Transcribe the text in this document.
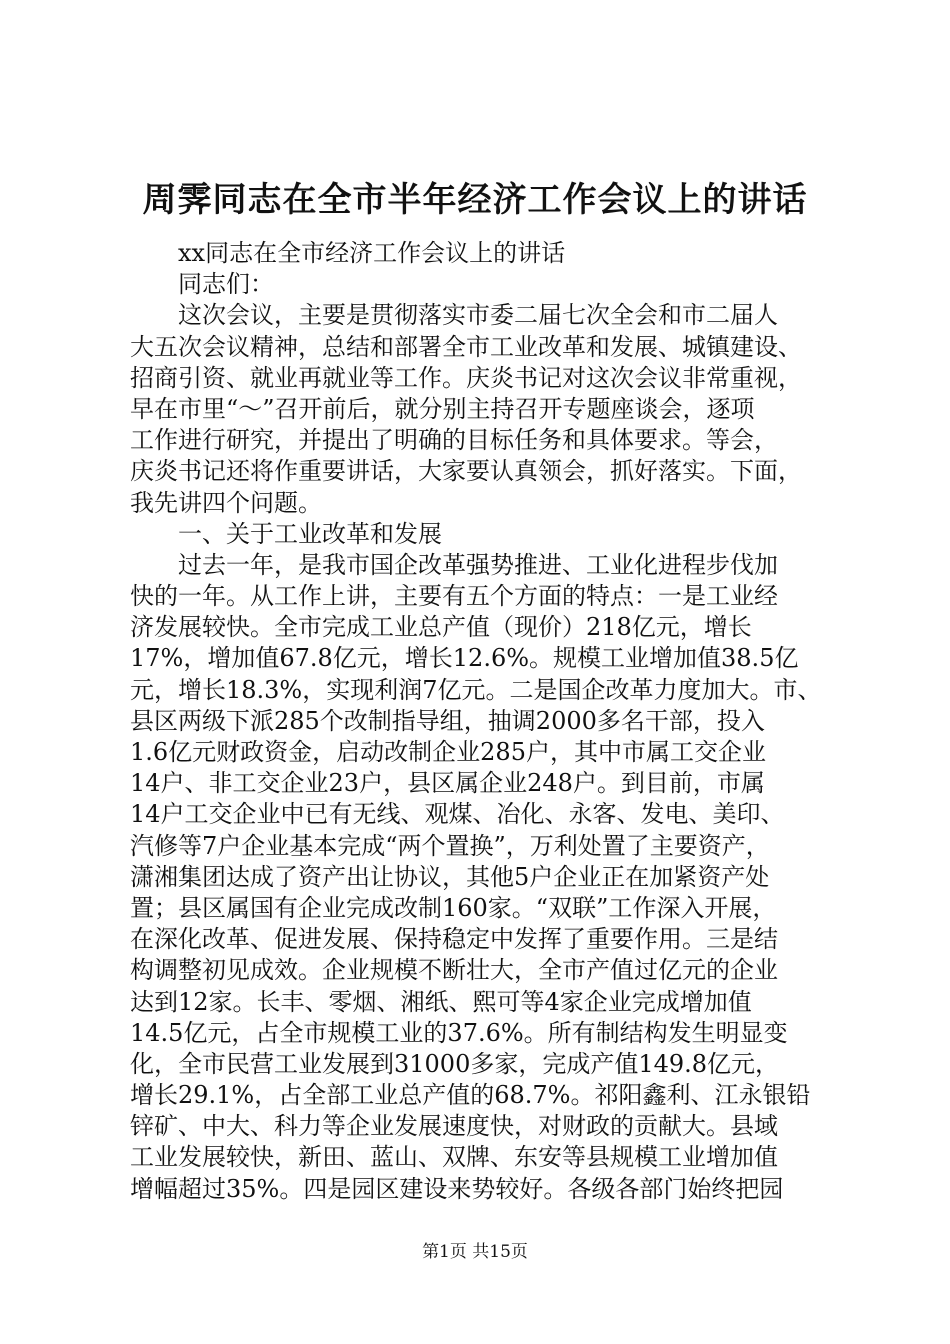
周霁同志在全市半年经济工作会议上的讲话
xx同志在全市经济工作会议上的讲话
同志们：
这次会议，主要是贯彻落实市委二届七次全会和市二届人
大五次会议精神，总结和部署全市工业改革和发展、城镇建设、
招商引资、就业再就业等工作。庆炎书记对这次会议非常重视，
早在市里“～”召开前后，就分别主持召开专题座谈会，逐项
工作进行研究，并提出了明确的目标任务和具体要求。等会，
庆炎书记还将作重要讲话，大家要认真领会，抓好落实。下面，
我先讲四个问题。
一、关于工业改革和发展
过去一年，是我市国企改革强势推进、工业化进程步伐加
快的一年。从工作上讲，主要有五个方面的特点：一是工业经
济发展较快。全市完成工业总产值（现价）218亿元，增长
17%，增加值67.8亿元，增长12.6%。规模工业增加值38.5亿
元，增长18.3%，实现利润7亿元。二是国企改革力度加大。市、
县区两级下派285个改制指导组，抽调2000多名干部，投入
1.6亿元财政资金，启动改制企业285户，其中市属工交企业
14户、非工交企业23户，县区属企业248户。到目前，市属
14户工交企业中已有无线、观煤、冶化、永客、发电、美印、
汽修等7户企业基本完成“两个置换”，万利处置了主要资产，
潇湘集团达成了资产出让协议，其他5户企业正在加紧资产处
置；县区属国有企业完成改制160家。“双联”工作深入开展，
在深化改革、促进发展、保持稳定中发挥了重要作用。三是结
构调整初见成效。企业规模不断壮大，全市产值过亿元的企业
达到12家。长丰、零烟、湘纸、熙可等4家企业完成增加值
14.5亿元，占全市规模工业的37.6%。所有制结构发生明显变
化，全市民营工业发展到31000多家，完成产值149.8亿元，
增长29.1%，占全部工业总产值的68.7%。祁阳鑫利、江永银铅
锌矿、中大、科力等企业发展速度快，对财政的贡献大。县域
工业发展较快，新田、蓝山、双牌、东安等县规模工业增加值
增幅超过35%。四是园区建设来势较好。各级各部门始终把园
第1页 共15页
